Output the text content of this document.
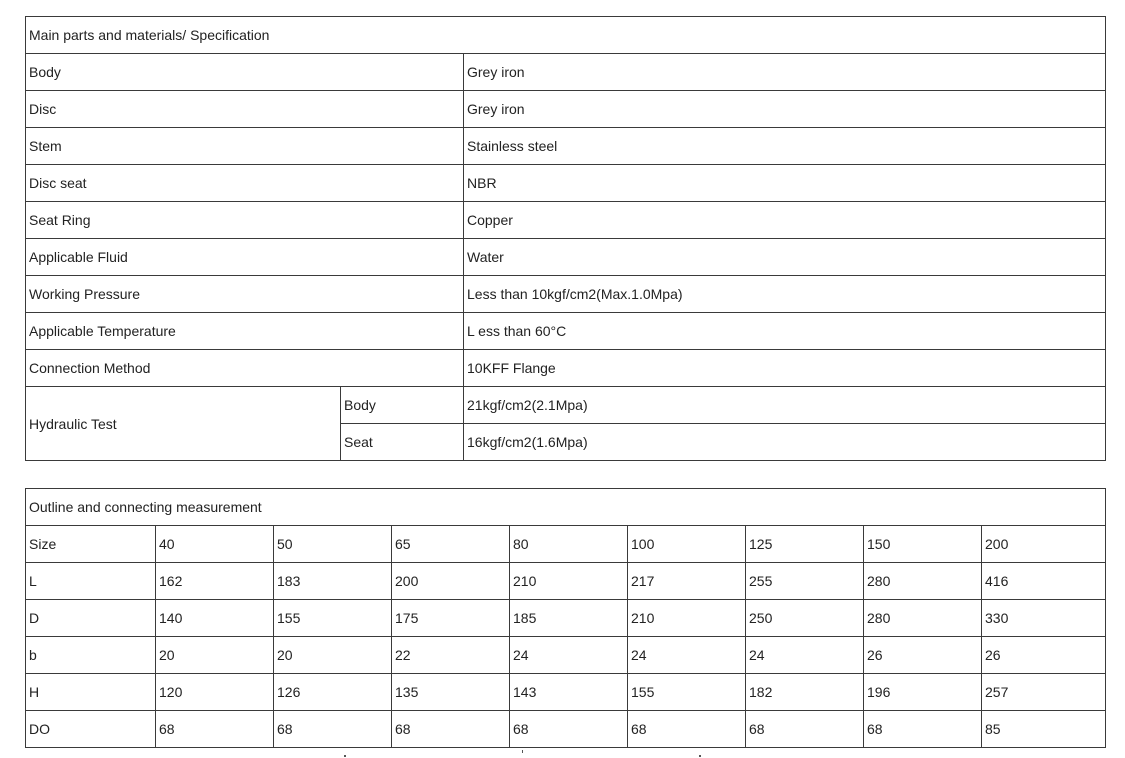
Main parts and materials/ Specification		
Body		Grey iron
Disc		Grey iron
Stem		Stainless steel
Disc seat		NBR
Seat Ring		Copper
Applicable Fluid		Water
Working Pressure		Less than 10kgf/cm2(Max.1.0Mpa)
Applicable Temperature		L ess than 60°C
Connection Method		10KFF Flange
Hydraulic Test	Body	21kgf/cm2(2.1Mpa)
	Seat	16kgf/cm2(1.6Mpa)
Outline and connecting measurement								
Size	40	50	65	80	100	125	150	200
L	162	183	200	210	217	255	280	416
D	140	155	175	185	210	250	280	330
b	20	20	22	24	24	24	26	26
H	120	126	135	143	155	182	196	257
DO	68	68	68	68	68	68	68	85
